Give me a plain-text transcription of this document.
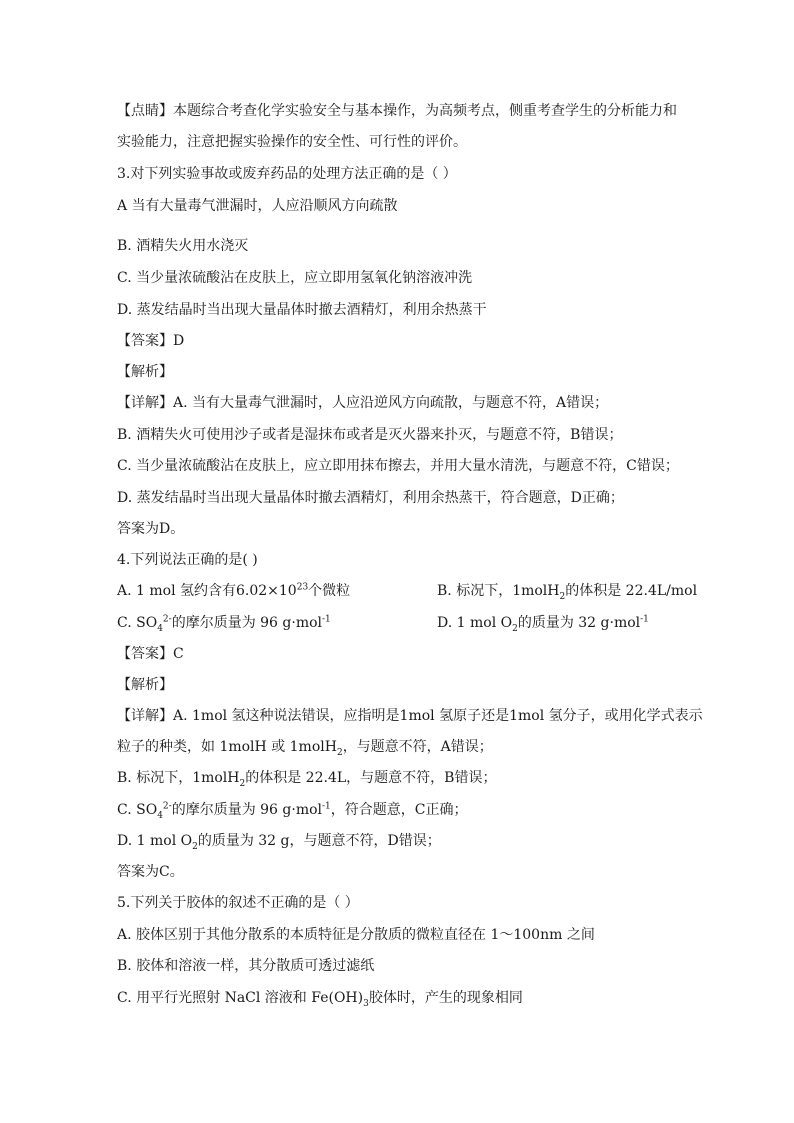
【点睛】本题综合考查化学实验安全与基本操作，为高频考点，侧重考查学生的分析能力和
实验能力，注意把握实验操作的安全性、可行性的评价。
3.对下列实验事故或废弃药品的处理方法正确的是（ ）
A 当有大量毒气泄漏时，人应沿顺风方向疏散
B. 酒精失火用水浇灭
C. 当少量浓硫酸沾在皮肤上，应立即用氢氧化钠溶液冲洗
D. 蒸发结晶时当出现大量晶体时撤去酒精灯，利用余热蒸干
【答案】D
【解析】
【详解】A. 当有大量毒气泄漏时，人应沿逆风方向疏散，与题意不符，A错误；
B. 酒精失火可使用沙子或者是湿抹布或者是灭火器来扑灭，与题意不符，B错误；
C. 当少量浓硫酸沾在皮肤上，应立即用抹布擦去，并用大量水清洗，与题意不符，C错误；
D. 蒸发结晶时当出现大量晶体时撤去酒精灯，利用余热蒸干，符合题意，D正确；
答案为D。
4.下列说法正确的是( )
A. 1 mol 氢约含有$6.02\times 10^{23}$个微粒	B. 标况下，1molH$_2$的体积是 22.4L/mol
C. $SO_4^{2-}$的摩尔质量为 96 g·mol$^{-1}$	D. 1 mol $O_2$的质量为 32 g·mol$^{-1}$
【答案】C
【解析】
【详解】A. 1mol 氢这种说法错误，应指明是1mol 氢原子还是1mol 氢分子，或用化学式表示
粒子的种类，如 1molH 或 1molH$_2$，与题意不符，A错误；
B. 标况下，1molH$_2$的体积是 22.4L，与题意不符，B错误；
C. $SO_4^{2-}$的摩尔质量为 96 g·mol$^{-1}$，符合题意，C正确；
D. 1 mol $O_2$的质量为 32 g，与题意不符，D错误；
答案为C。
5.下列关于胶体的叙述不正确的是（ ）
A. 胶体区别于其他分散系的本质特征是分散质的微粒直径在 1～100nm 之间
B. 胶体和溶液一样，其分散质可透过滤纸
C. 用平行光照射 NaCl 溶液和 $Fe(OH)_3$胶体时，产生的现象相同
